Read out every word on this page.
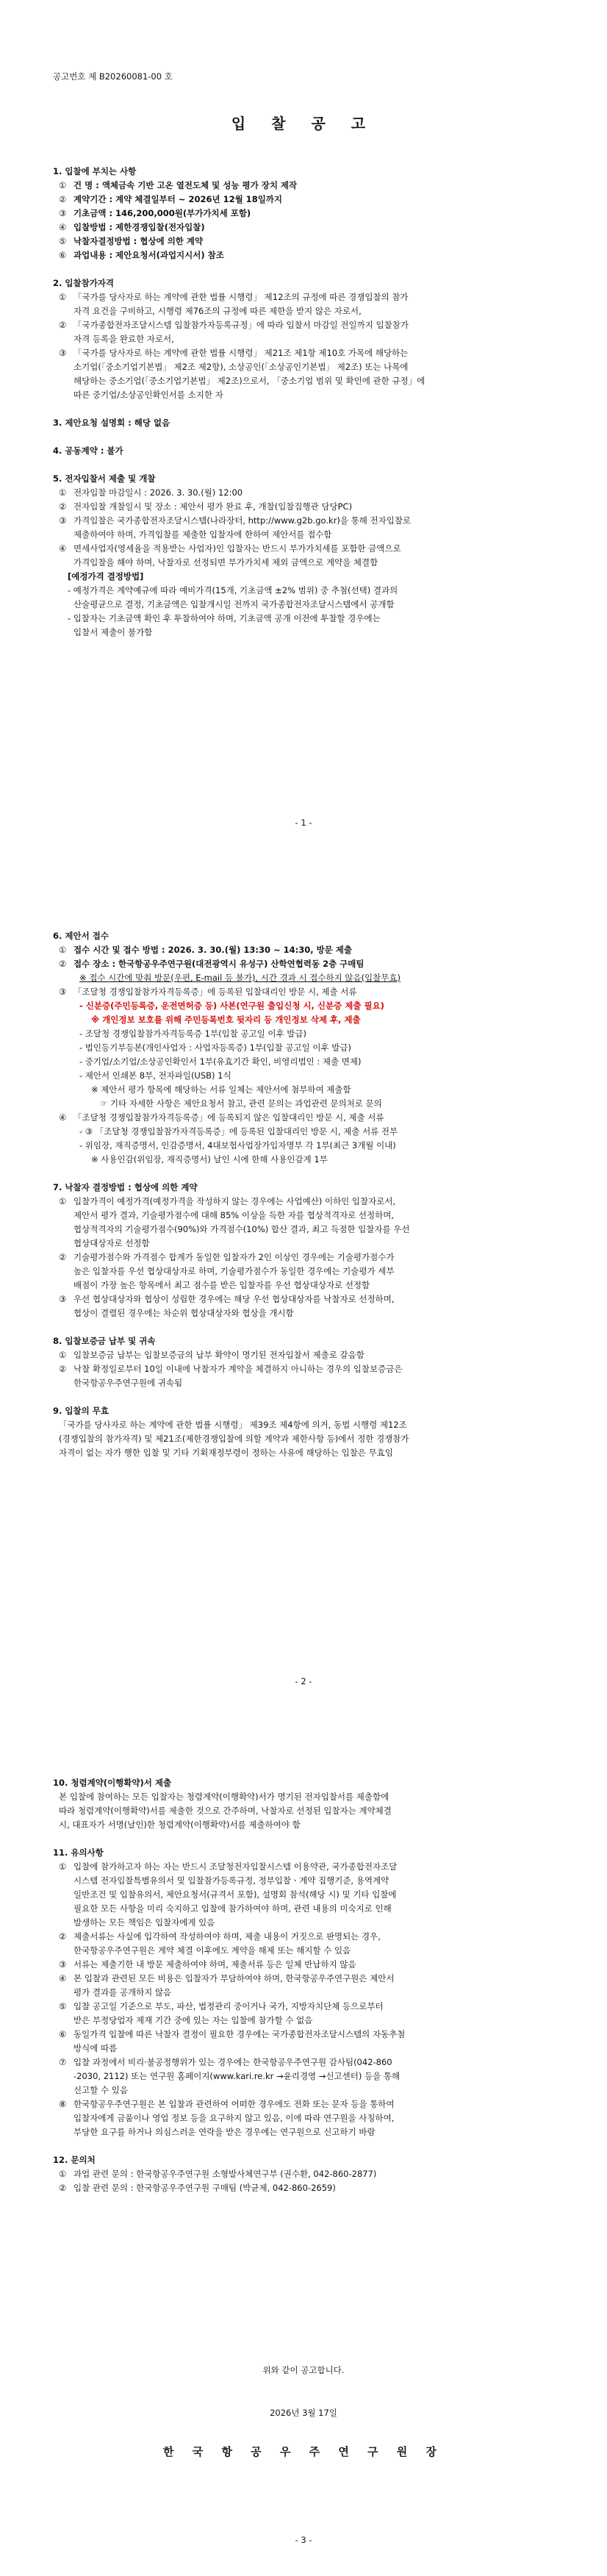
공고번호 제 B20260081-00 호
입 찰 공 고
1. 입찰에 부치는 사항
① 건 명 : 액체금속 기반 고온 열전도체 및 성능 평가 장치 제작
② 계약기간 : 계약 체결일부터 ~ 2026년 12월 18일까지
③ 기초금액 : 146,200,000원(부가가치세 포함)
④ 입찰방법 : 제한경쟁입찰(전자입찰)
⑤ 낙찰자결정방법 : 협상에 의한 계약
⑥ 과업내용 : 제안요청서(과업지시서) 참조
2. 입찰참가자격
① 「국가를 당사자로 하는 계약에 관한 법률 시행령」 제12조의 규정에 따른 경쟁입찰의 참가
자격 요건을 구비하고, 시행령 제76조의 규정에 따른 제한을 받지 않은 자로서,
② 「국가종합전자조달시스템 입찰참가자등록규정」에 따라 입찰서 마감일 전일까지 입찰참가
자격 등록을 완료한 자로서,
③ 「국가를 당사자로 하는 계약에 관한 법률 시행령」 제21조 제1항 제10호 가목에 해당하는
소기업(「중소기업기본법」 제2조 제2항), 소상공인(「소상공인기본법」 제2조) 또는 나목에
해당하는 중소기업(「중소기업기본법」 제2조)으로서, 「중소기업 범위 및 확인에 관한 규정」에
따른 중기업/소상공인확인서를 소지한 자
3. 제안요청 설명회 : 해당 없음
4. 공동계약 : 불가
5. 전자입찰서 제출 및 개찰
① 전자입찰 마감일시 : 2026. 3. 30.(월) 12:00
② 전자입찰 개찰일시 및 장소 : 제안서 평가 완료 후, 개찰(입찰집행관 담당PC)
③ 가격입찰은 국가종합전자조달시스템(나라장터, http://www.g2b.go.kr)을 통해 전자입찰로
제출하여야 하며, 가격입찰를 제출한 입찰자에 한하여 제안서를 접수함
④ 면세사업자(영세율을 적용받는 사업자)인 입찰자는 반드시 부가가치세를 포함한 금액으로
가격입찰을 해야 하며, 낙찰자로 선정되면 부가가치세 제외 금액으로 계약을 체결함
[예정가격 결정방법]
- 예정가격은 계약예규에 따라 예비가격(15개, 기초금액 ±2% 범위) 중 추첨(선택) 결과의
산술평균으로 결정, 기초금액은 입찰개시일 전까지 국가종합전자조달시스템에서 공개함
- 입찰자는 기초금액 확인 후 투찰하여야 하며, 기초금액 공개 이전에 투찰할 경우에는
입찰서 제출이 불가함
- 1 -
6. 제안서 접수
① 접수 시간 및 접수 방법 : 2026. 3. 30.(월) 13:30 ~ 14:30, 방문 제출
② 접수 장소 : 한국항공우주연구원(대전광역시 유성구) 산학연협력동 2층 구매팀
※ 접수 시간에 맞춰 방문(우편, E-mail 등 불가), 시간 경과 시 접수하지 않음(입찰무효)
③ 「조달청 경쟁입찰참가자격등록증」에 등록된 입찰대리인 방문 시, 제출 서류
- 신분증(주민등록증, 운전면허증 등) 사본(연구원 출입신청 시, 신분증 제출 필요)
※ 개인정보 보호를 위해 주민등록번호 뒷자리 등 개인정보 삭제 후, 제출
- 조달청 경쟁입찰참가자격등록증 1부(입찰 공고일 이후 발급)
- 법인등기부등본(개인사업자 : 사업자등록증) 1부(입찰 공고일 이후 발급)
- 중기업/소기업/소상공인확인서 1부(유효기간 확인, 비영리법인 : 제출 면제)
- 제안서 인쇄본 8부, 전자파일(USB) 1식
※ 제안서 평가 항목에 해당하는 서류 일체는 제안서에 첨부하여 제출함
☞ 기타 자세한 사항은 제안요청서 참고, 관련 문의는 과업관련 문의처로 문의
④ 「조달청 경쟁입찰참가자격등록증」에 등록되지 않은 입찰대리인 방문 시, 제출 서류
- ③ 「조달청 경쟁입찰참가자격등록증」에 등록된 입찰대리인 방문 시, 제출 서류 전부
- 위임장, 재직증명서, 인감증명서, 4대보험사업장가입자명부 각 1부(최근 3개월 이내)
※ 사용인감(위임장, 재직증명서) 날인 시에 한해 사용인감계 1부
7. 낙찰자 결정방법 : 협상에 의한 계약
① 입찰가격이 예정가격(예정가격을 작성하지 않는 경우에는 사업예산) 이하인 입찰자로서,
제안서 평가 결과, 기술평가점수에 대해 85% 이상을 득한 자를 협상적격자로 선정하며,
협상적격자의 기술평가점수(90%)와 가격점수(10%) 합산 결과, 최고 득점한 입찰자를 우선
협상대상자로 선정함
② 기술평가점수와 가격점수 합계가 동일한 입찰자가 2인 이상인 경우에는 기술평가점수가
높은 입찰자를 우선 협상대상자로 하며, 기술평가점수가 동일한 경우에는 기술평가 세부
배점이 가장 높은 항목에서 최고 점수를 받은 입찰자를 우선 협상대상자로 선정함
③ 우선 협상대상자와 협상이 성립한 경우에는 해당 우선 협상대상자를 낙찰자로 선정하며,
협상이 결렬된 경우에는 차순위 협상대상자와 협상을 개시함
8. 입찰보증금 납부 및 귀속
① 입찰보증금 납부는 입찰보증금의 납부 확약이 명기된 전자입찰서 제출로 갈음함
② 낙찰 확정일로부터 10일 이내에 낙찰자가 계약을 체결하지 아니하는 경우의 입찰보증금은
한국항공우주연구원에 귀속됨
9. 입찰의 무효
「국가를 당사자로 하는 계약에 관한 법률 시행령」 제39조 제4항에 의거, 동법 시행령 제12조
(경쟁입찰의 참가자격) 및 제21조(제한경쟁입찰에 의할 계약과 제한사항 등)에서 정한 경쟁참가
자격이 없는 자가 행한 입찰 및 기타 기획재정부령이 정하는 사유에 해당하는 입찰은 무효임
- 2 -
10. 청렴계약(이행확약)서 제출
본 입찰에 참여하는 모든 입찰자는 청렴계약(이행확약)서가 명기된 전자입찰서를 제출함에
따라 청렴계약(이행확약)서를 제출한 것으로 간주하며, 낙찰자로 선정된 입찰자는 계약체결
시, 대표자가 서명(날인)한 청렴계약(이행확약)서를 제출하여야 함
11. 유의사항
① 입찰에 참가하고자 하는 자는 반드시 조달청전자입찰시스템 이용약관, 국가종합전자조달
시스템 전자입찰특별유의서 및 입찰참가등록규정, 정부입찰ㆍ계약 집행기준, 용역계약
일반조건 및 입찰유의서, 제안요청서(규격서 포함), 설명회 참석(해당 시) 및 기타 입찰에
필요한 모든 사항을 미리 숙지하고 입찰에 참가하여야 하며, 관련 내용의 미숙지로 인해
발생하는 모든 책임은 입찰자에게 있음
② 제출서류는 사실에 입각하여 작성하여야 하며, 제출 내용이 거짓으로 판명되는 경우,
한국항공우주연구원은 계약 체결 이후에도 계약을 해제 또는 해지할 수 있음
③ 서류는 제출기한 내 방문 제출하여야 하며, 제출서류 등은 일체 반납하지 않음
④ 본 입찰과 관련된 모든 비용은 입찰자가 부담하여야 하며, 한국항공우주연구원은 제안서
평가 결과를 공개하지 않음
⑤ 입찰 공고일 기준으로 부도, 파산, 법정관리 중이거나 국가, 지방자치단체 등으로부터
받은 부정당업자 제재 기간 중에 있는 자는 입찰에 참가할 수 없음
⑥ 동일가격 입찰에 따른 낙찰자 결정이 필요한 경우에는 국가종합전자조달시스템의 자동추첨
방식에 따름
⑦ 입찰 과정에서 비리·불공정행위가 있는 경우에는 한국항공우주연구원 감사팀(042-860
-2030, 2112) 또는 연구원 홈페이지(www.kari.re.kr →윤리경영 →신고센터) 등을 통해
신고할 수 있음
⑧ 한국항공우주연구원은 본 입찰과 관련하여 어떠한 경우에도 전화 또는 문자 등을 통하여
입찰자에게 금품이나 영업 정보 등을 요구하지 않고 있음, 이에 따라 연구원을 사칭하여,
부당한 요구를 하거나 의심스러운 연락을 받은 경우에는 연구원으로 신고하기 바람
12. 문의처
① 과업 관련 문의 : 한국항공우주연구원 소형발사체연구부 (권수환, 042-860-2877)
② 입찰 관련 문의 : 한국항공우주연구원 구매팀 (박균제, 042-860-2659)
위와 같이 공고합니다.
2026년 3월 17일
한 국 항 공 우 주 연 구 원 장
- 3 -
